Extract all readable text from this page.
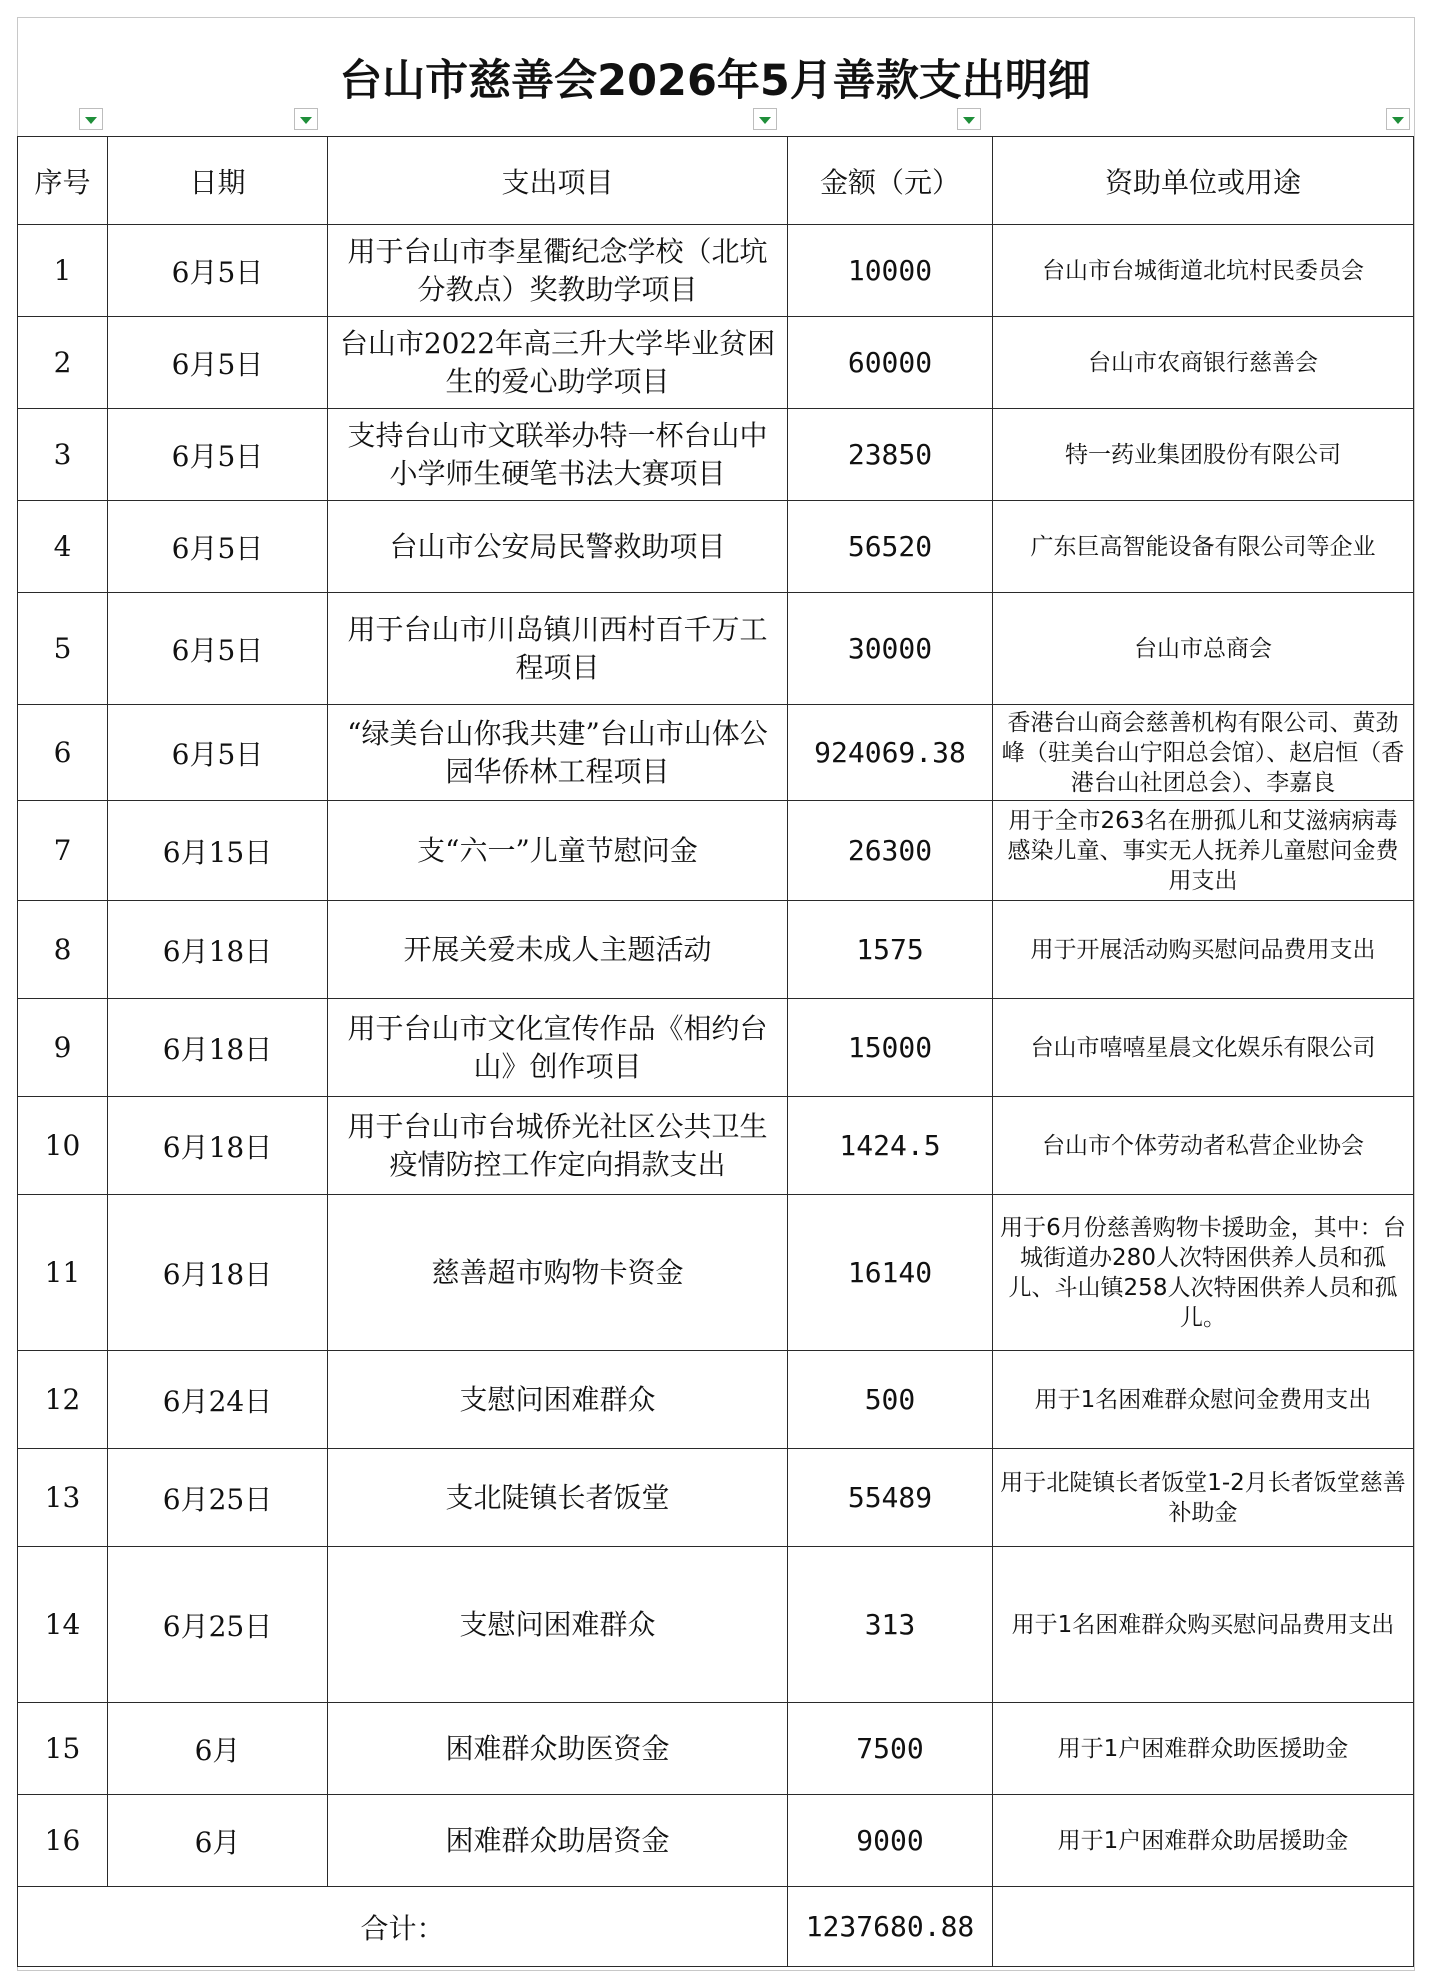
台山市慈善会2026年5月善款支出明细
序号	日期	支出项目	金额（元）	资助单位或用途
1	6月5日	用于台山市李星衢纪念学校（北坑分教点）奖教助学项目	10000	台山市台城街道北坑村民委员会
2	6月5日	台山市2022年高三升大学毕业贫困生的爱心助学项目	60000	台山市农商银行慈善会
3	6月5日	支持台山市文联举办特一杯台山中小学师生硬笔书法大赛项目	23850	特一药业集团股份有限公司
4	6月5日	台山市公安局民警救助项目	56520	广东巨高智能设备有限公司等企业
5	6月5日	用于台山市川岛镇川西村百千万工程项目	30000	台山市总商会
6	6月5日	“绿美台山你我共建”台山市山体公园华侨林工程项目	924069.38	香港台山商会慈善机构有限公司、黄劲峰（驻美台山宁阳总会馆）、赵启恒（香港台山社团总会）、李嘉良
7	6月15日	支“六一”儿童节慰问金	26300	用于全市263名在册孤儿和艾滋病病毒感染儿童、事实无人抚养儿童慰问金费用支出
8	6月18日	开展关爱未成人主题活动	1575	用于开展活动购买慰问品费用支出
9	6月18日	用于台山市文化宣传作品《相约台山》创作项目	15000	台山市嘻嘻星晨文化娱乐有限公司
10	6月18日	用于台山市台城侨光社区公共卫生疫情防控工作定向捐款支出	1424.5	台山市个体劳动者私营企业协会
11	6月18日	慈善超市购物卡资金	16140	用于6月份慈善购物卡援助金，其中：台城街道办280人次特困供养人员和孤儿、斗山镇258人次特困供养人员和孤儿。
12	6月24日	支慰问困难群众	500	用于1名困难群众慰问金费用支出
13	6月25日	支北陡镇长者饭堂	55489	用于北陡镇长者饭堂1-2月长者饭堂慈善补助金
14	6月25日	支慰问困难群众	313	用于1名困难群众购买慰问品费用支出
15	6月	困难群众助医资金	7500	用于1户困难群众助医援助金
16	6月	困难群众助居资金	9000	用于1户困难群众助居援助金
合计：			1237680.88	
